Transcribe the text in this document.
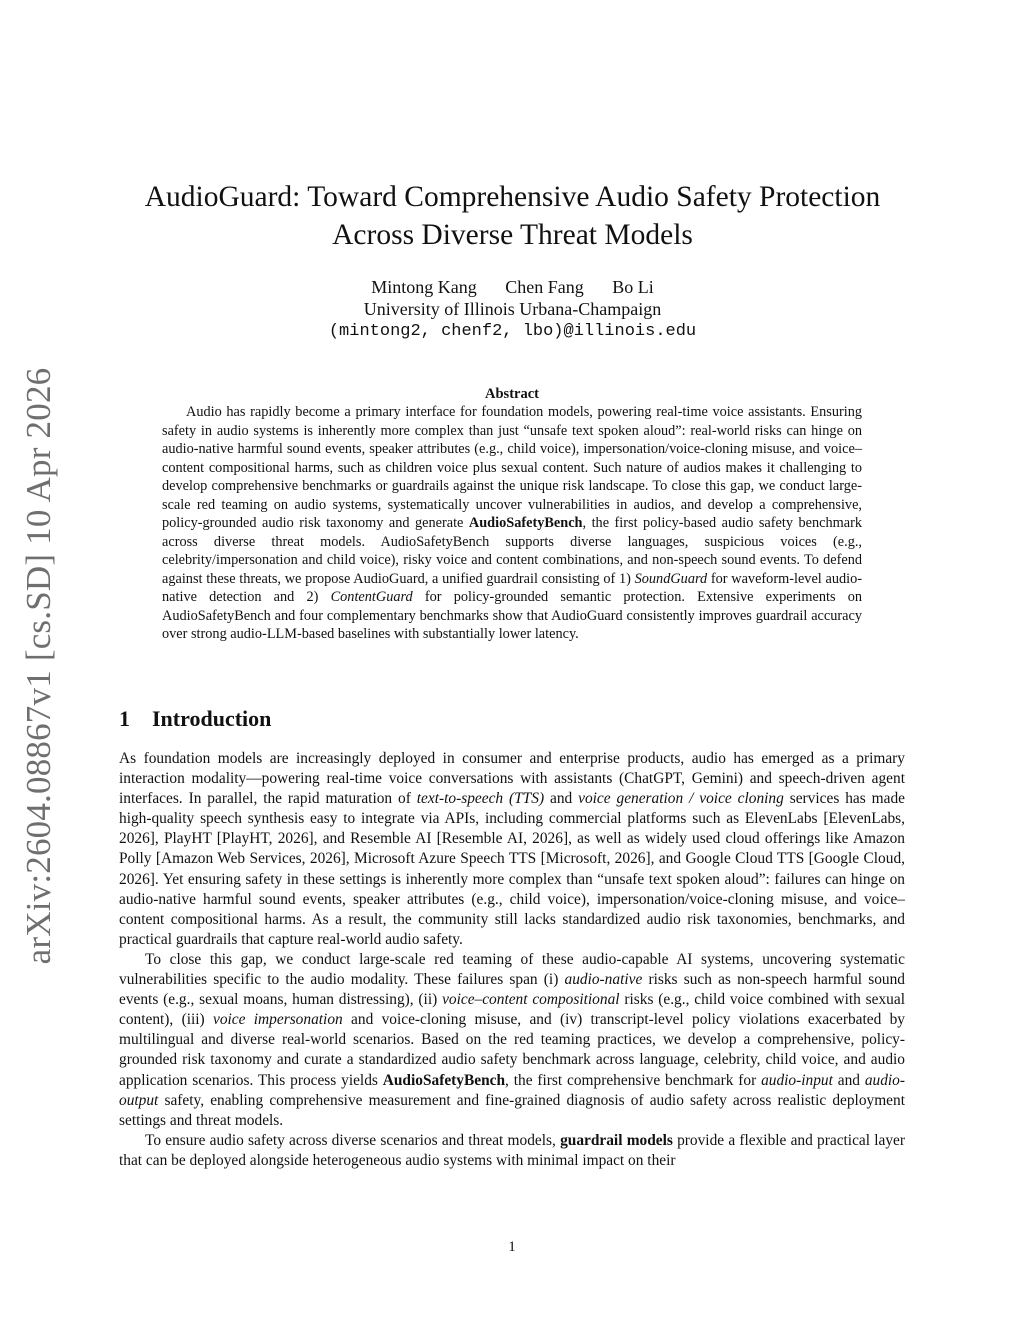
arXiv:2604.08867v1 [cs.SD] 10 Apr 2026
AudioGuard: Toward Comprehensive Audio Safety Protection Across Diverse Threat Models
Mintong Kang Chen Fang Bo Li
University of Illinois Urbana-Champaign
(mintong2, chenf2, lbo)@illinois.edu
Abstract

Audio has rapidly become a primary interface for foundation models, powering real-time voice assistants. Ensuring safety in audio systems is inherently more complex than just “unsafe text spoken aloud”: real-world risks can hinge on audio-native harmful sound events, speaker attributes (e.g., child voice), impersonation/voice-cloning misuse, and voice–content compositional harms, such as children voice plus sexual content. Such nature of audios makes it challenging to develop comprehensive benchmarks or guardrails against the unique risk landscape. To close this gap, we conduct large-scale red teaming on audio systems, systematically uncover vulnerabilities in audios, and develop a comprehensive, policy-grounded audio risk taxonomy and generate AudioSafetyBench, the first policy-based audio safety benchmark across diverse threat models. AudioSafetyBench supports diverse languages, suspicious voices (e.g., celebrity/impersonation and child voice), risky voice and content combinations, and non-speech sound events. To defend against these threats, we propose AudioGuard, a unified guardrail consisting of 1) SoundGuard for waveform-level audio-native detection and 2) ContentGuard for policy-grounded semantic protection. Extensive experiments on AudioSafetyBench and four complementary benchmarks show that AudioGuard consistently improves guardrail accuracy over strong audio-LLM-based baselines with substantially lower latency.

1 Introduction

As foundation models are increasingly deployed in consumer and enterprise products, audio has emerged as a primary interaction modality—powering real-time voice conversations with assistants (ChatGPT, Gemini) and speech-driven agent interfaces. In parallel, the rapid maturation of text-to-speech (TTS) and voice generation / voice cloning services has made high-quality speech synthesis easy to integrate via APIs, including commercial platforms such as ElevenLabs [ElevenLabs, 2026], PlayHT [PlayHT, 2026], and Resemble AI [Resemble AI, 2026], as well as widely used cloud offerings like Amazon Polly [Amazon Web Services, 2026], Microsoft Azure Speech TTS [Microsoft, 2026], and Google Cloud TTS [Google Cloud, 2026]. Yet ensuring safety in these settings is inherently more complex than “unsafe text spoken aloud”: failures can hinge on audio-native harmful sound events, speaker attributes (e.g., child voice), impersonation/voice-cloning misuse, and voice–content compositional harms. As a result, the community still lacks standardized audio risk taxonomies, benchmarks, and practical guardrails that capture real-world audio safety.

To close this gap, we conduct large-scale red teaming of these audio-capable AI systems, uncovering systematic vulnerabilities specific to the audio modality. These failures span (i) audio-native risks such as non-speech harmful sound events (e.g., sexual moans, human distressing), (ii) voice–content compositional risks (e.g., child voice combined with sexual content), (iii) voice impersonation and voice-cloning misuse, and (iv) transcript-level policy violations exacerbated by multilingual and diverse real-world scenarios. Based on the red teaming practices, we develop a comprehensive, policy-grounded risk taxonomy and curate a standardized audio safety benchmark across language, celebrity, child voice, and audio application scenarios. This process yields AudioSafetyBench, the first comprehensive benchmark for audio-input and audio-output safety, enabling comprehensive measurement and fine-grained diagnosis of audio safety across realistic deployment settings and threat models.

To ensure audio safety across diverse scenarios and threat models, guardrail models provide a flexible and practical layer that can be deployed alongside heterogeneous audio systems with minimal impact on their

1
